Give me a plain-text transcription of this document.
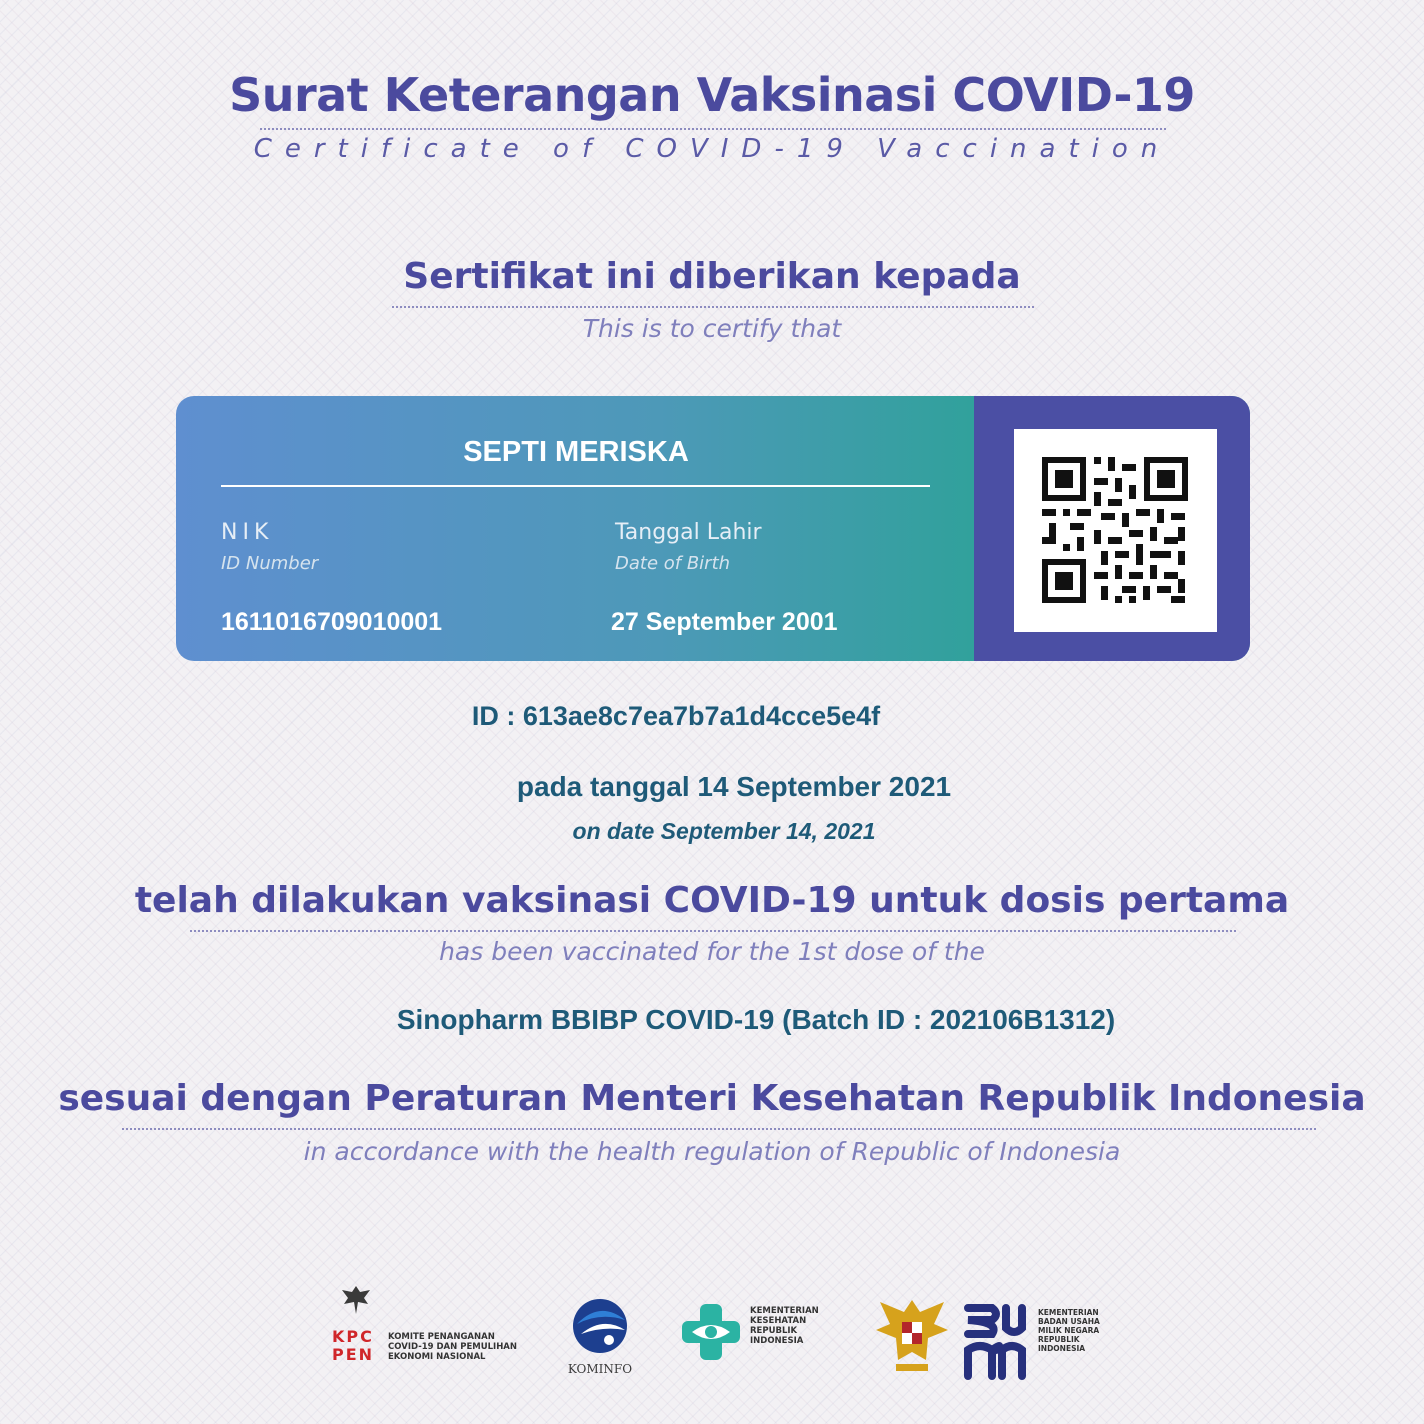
Surat Keterangan Vaksinasi COVID-19
Certificate of COVID-19 Vaccination
Sertifikat ini diberikan kepada
This is to certify that
SEPTI MERISKA
NIK
ID Number
1611016709010001
Tanggal Lahir
Date of Birth
27 September 2001
ID : 613ae8c7ea7b7a1d4cce5e4f
pada tanggal 14 September 2021
on date September 14, 2021
telah dilakukan vaksinasi COVID-19 untuk dosis pertama
has been vaccinated for the 1st dose of the
Sinopharm BBIBP COVID-19 (Batch ID : 202106B1312)
sesuai dengan Peraturan Menteri Kesehatan Republik Indonesia
in accordance with the health regulation of Republic of Indonesia
KPC PEN
KOMITE PENANGANAN
COVID-19 DAN PEMULIHAN
EKONOMI NASIONAL
KOMINFO
KEMENTERIAN
KESEHATAN
REPUBLIK
INDONESIA
KEMENTERIAN
BADAN USAHA
MILIK NEGARA
REPUBLIK
INDONESIA
